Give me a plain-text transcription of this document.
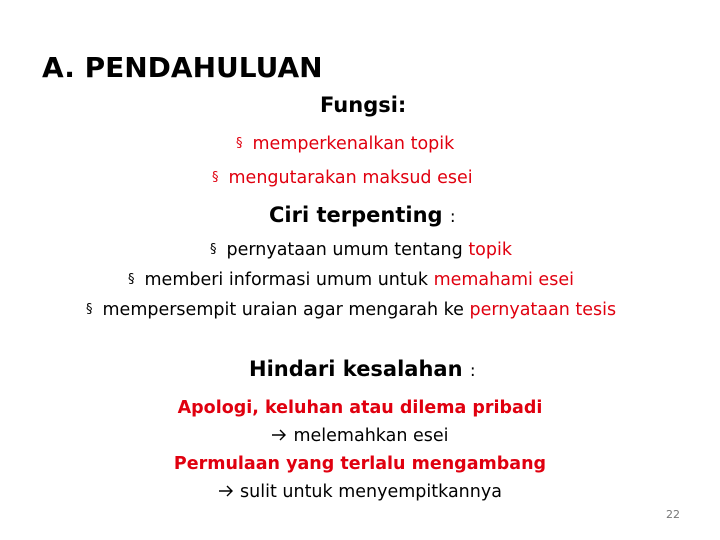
A. PENDAHULUAN
Fungsi:
§ memperkenalkan topik
§ mengutarakan maksud esei
Ciri terpenting :
§ pernyataan umum tentang topik
§ memberi informasi umum untuk memahami esei
§ mempersempit uraian agar mengarah ke pernyataan tesis
Hindari kesalahan :
Apologi, keluhan atau dilema pribadi
melemahkan esei
Permulaan yang terlalu mengambang
sulit untuk menyempitkannya
22
